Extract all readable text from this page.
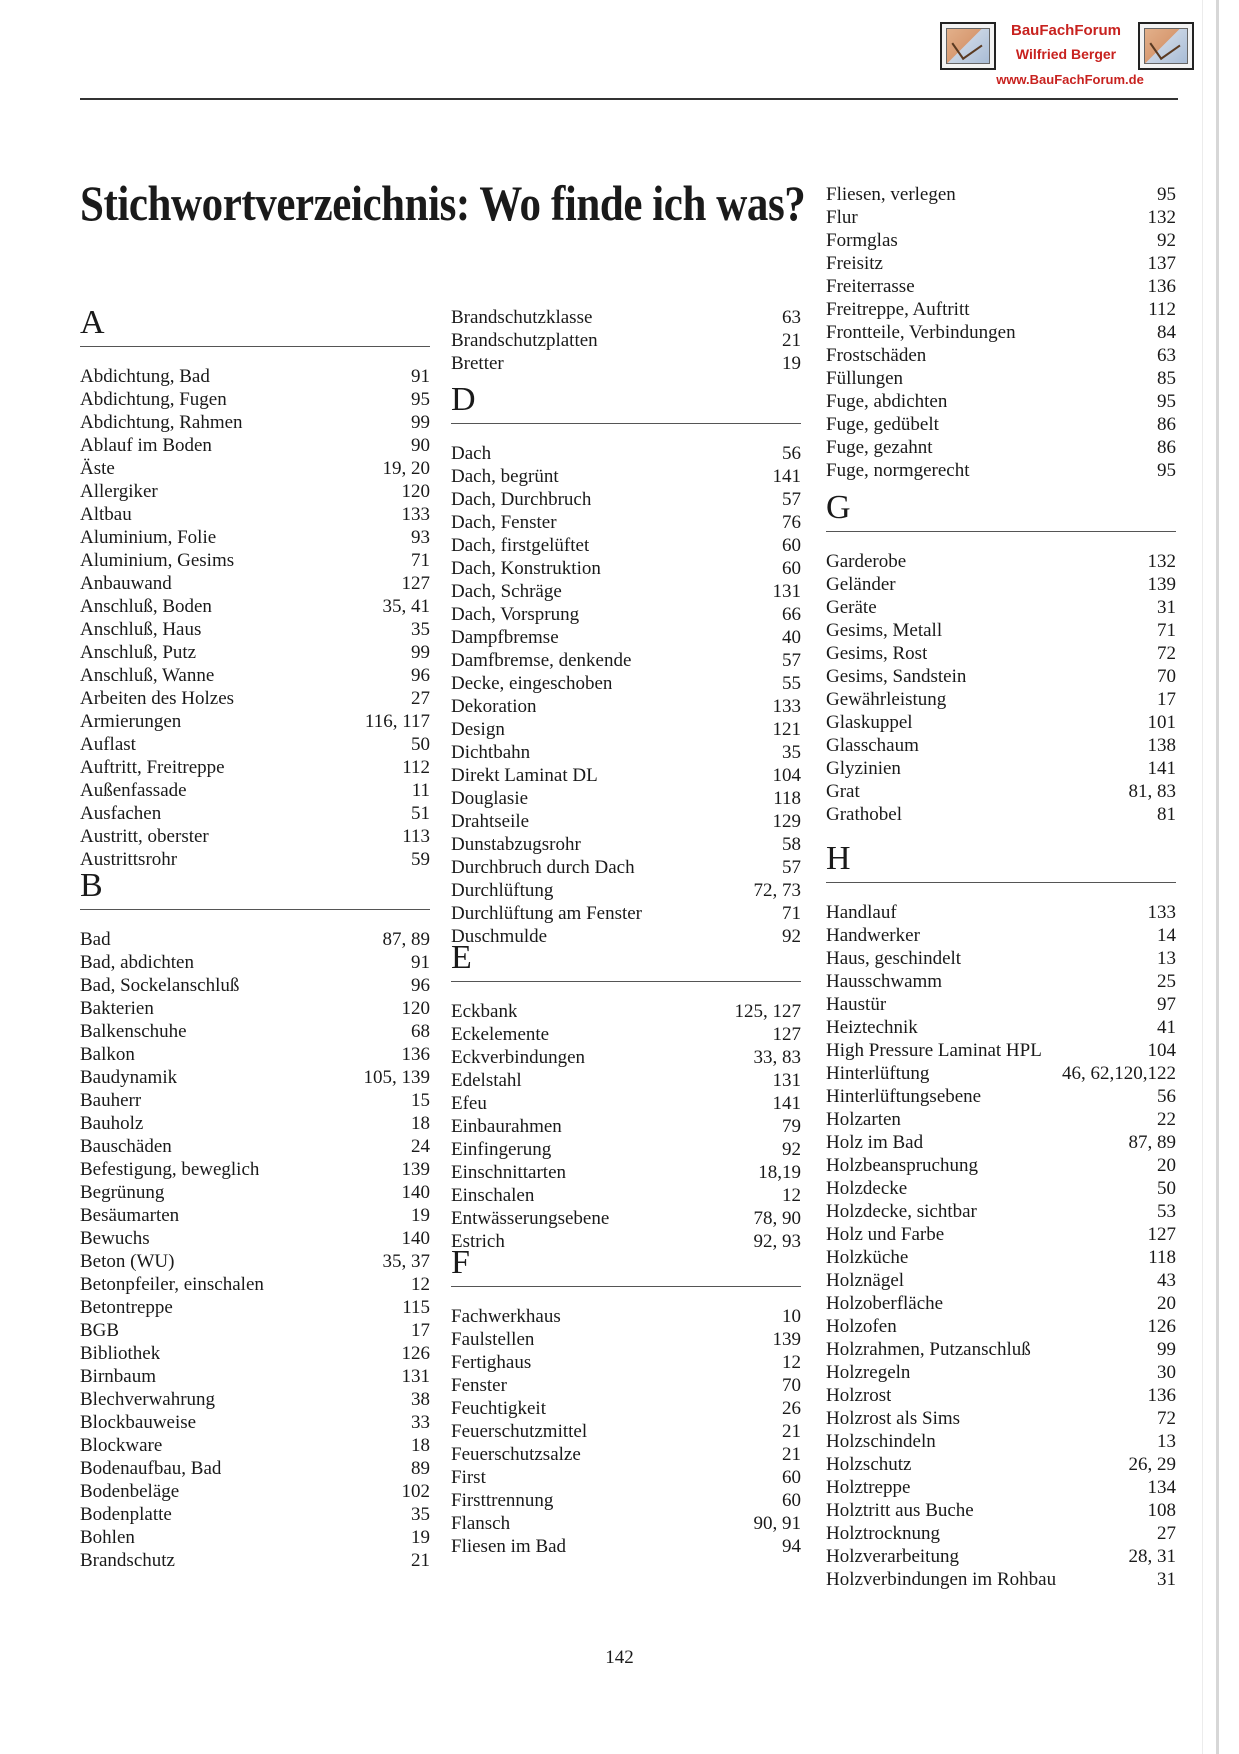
BauFachForum
Wilfried Berger
www.BauFachForum.de
Stichwortverzeichnis: Wo finde ich was?
A
Abdichtung, Bad	91
Abdichtung, Fugen	95
Abdichtung, Rahmen	99
Ablauf im Boden	90
Äste	19, 20
Allergiker	120
Altbau	133
Aluminium, Folie	93
Aluminium, Gesims	71
Anbauwand	127
Anschluß, Boden	35, 41
Anschluß, Haus	35
Anschluß, Putz	99
Anschluß, Wanne	96
Arbeiten des Holzes	27
Armierungen	116, 117
Auflast	50
Auftritt, Freitreppe	112
Außenfassade	11
Ausfachen	51
Austritt, oberster	113
Austrittsrohr	59
B
Bad	87, 89
Bad, abdichten	91
Bad, Sockelanschluß	96
Bakterien	120
Balkenschuhe	68
Balkon	136
Baudynamik	105, 139
Bauherr	15
Bauholz	18
Bauschäden	24
Befestigung, beweglich	139
Begrünung	140
Besäumarten	19
Bewuchs	140
Beton (WU)	35, 37
Betonpfeiler, einschalen	12
Betontreppe	115
BGB	17
Bibliothek	126
Birnbaum	131
Blechverwahrung	38
Blockbauweise	33
Blockware	18
Bodenaufbau, Bad	89
Bodenbeläge	102
Bodenplatte	35
Bohlen	19
Brandschutz	21
Brandschutzklasse	63
Brandschutzplatten	21
Bretter	19
D
Dach	56
Dach, begrünt	141
Dach, Durchbruch	57
Dach, Fenster	76
Dach, firstgelüftet	60
Dach, Konstruktion	60
Dach, Schräge	131
Dach, Vorsprung	66
Dampfbremse	40
Damfbremse, denkende	57
Decke, eingeschoben	55
Dekoration	133
Design	121
Dichtbahn	35
Direkt Laminat DL	104
Douglasie	118
Drahtseile	129
Dunstabzugsrohr	58
Durchbruch durch Dach	57
Durchlüftung	72, 73
Durchlüftung am Fenster	71
Duschmulde	92
E
Eckbank	125, 127
Eckelemente	127
Eckverbindungen	33, 83
Edelstahl	131
Efeu	141
Einbaurahmen	79
Einfingerung	92
Einschnittarten	18,19
Einschalen	12
Entwässerungsebene	78, 90
Estrich	92, 93
F
Fachwerkhaus	10
Faulstellen	139
Fertighaus	12
Fenster	70
Feuchtigkeit	26
Feuerschutzmittel	21
Feuerschutzsalze	21
First	60
Firsttrennung	60
Flansch	90, 91
Fliesen im Bad	94
Fliesen, verlegen	95
Flur	132
Formglas	92
Freisitz	137
Freiterrasse	136
Freitreppe, Auftritt	112
Frontteile, Verbindungen	84
Frostschäden	63
Füllungen	85
Fuge, abdichten	95
Fuge, gedübelt	86
Fuge, gezahnt	86
Fuge, normgerecht	95
G
Garderobe	132
Geländer	139
Geräte	31
Gesims, Metall	71
Gesims, Rost	72
Gesims, Sandstein	70
Gewährleistung	17
Glaskuppel	101
Glasschaum	138
Glyzinien	141
Grat	81, 83
Grathobel	81
H
Handlauf	133
Handwerker	14
Haus, geschindelt	13
Hausschwamm	25
Haustür	97
Heiztechnik	41
High Pressure Laminat HPL	104
Hinterlüftung	46, 62,120,122
Hinterlüftungsebene	56
Holzarten	22
Holz im Bad	87, 89
Holzbeanspruchung	20
Holzdecke	50
Holzdecke, sichtbar	53
Holz und Farbe	127
Holzküche	118
Holznägel	43
Holzoberfläche	20
Holzofen	126
Holzrahmen, Putzanschluß	99
Holzregeln	30
Holzrost	136
Holzrost als Sims	72
Holzschindeln	13
Holzschutz	26, 29
Holztreppe	134
Holztritt aus Buche	108
Holztrocknung	27
Holzverarbeitung	28, 31
Holzverbindungen im Rohbau	31
142
